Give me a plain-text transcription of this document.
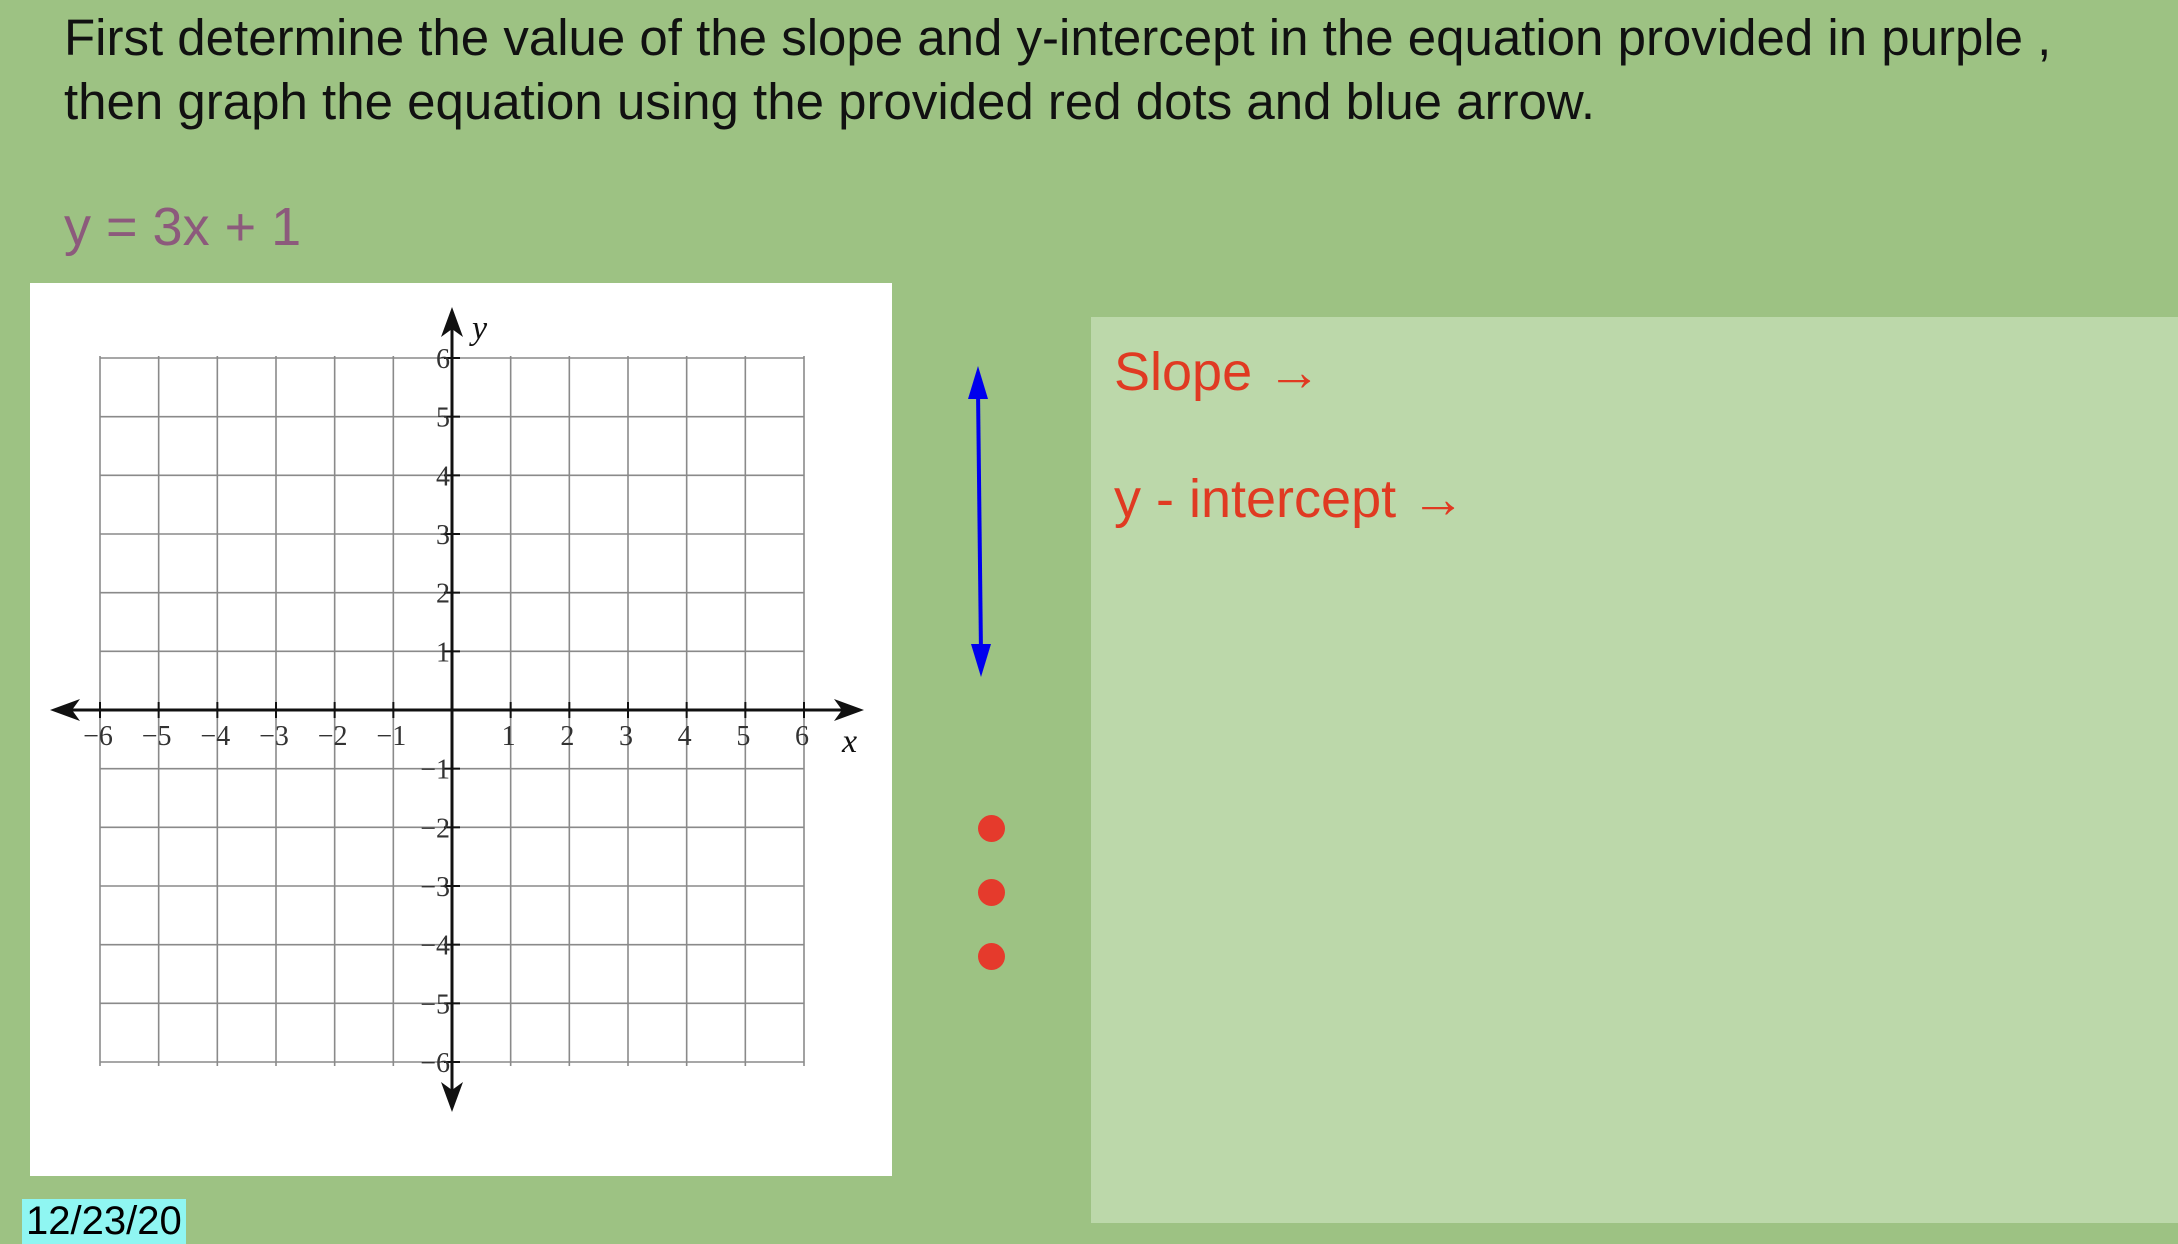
First determine the value of the slope and y-intercept in the equation provided in purple ,
then graph the equation using the provided red dots and blue arrow.
y = 3x + 1
−6 −5 −4 −3 −2 −1	1 2 3 4 5 6
6
5
4
3
2
1
−1
−2
−3
−4
−5
−6
x
y
Slope →
y - intercept →
12/23/20
